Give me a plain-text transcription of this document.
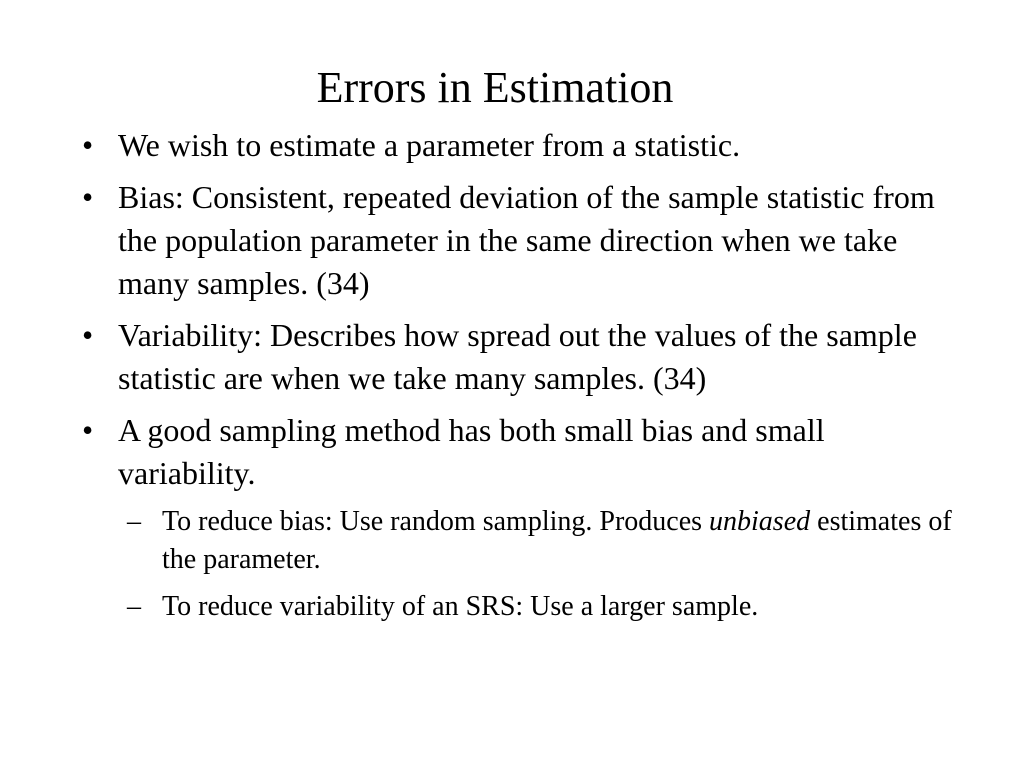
Errors in Estimation
• We wish to estimate a parameter from a statistic.
• Bias: Consistent, repeated deviation of the sample statistic from the population parameter in the same direction when we take many samples. (34)
• Variability: Describes how spread out the values of the sample statistic are when we take many samples. (34)
• A good sampling method has both small bias and small variability.
– To reduce bias: Use random sampling. Produces unbiased estimates of the parameter.
– To reduce variability of an SRS: Use a larger sample.
